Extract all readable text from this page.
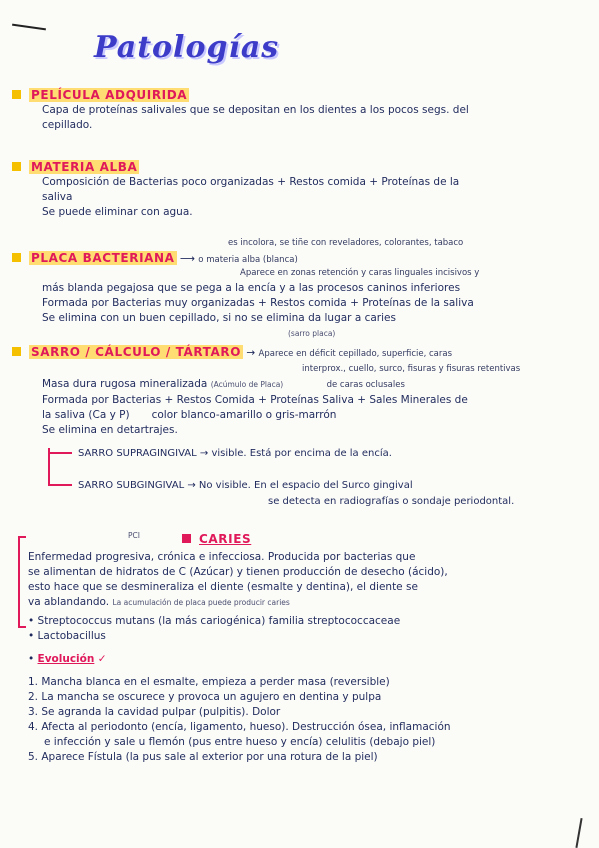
Patologías
PELÍCULA ADQUIRIDA
Capa de proteínas salivales que se depositan en los dientes a los pocos segs. del
cepillado.
MATERIA ALBA
Composición de Bacterias poco organizadas + Restos comida + Proteínas de la
saliva
Se puede eliminar con agua.
es incolora, se tiñe con reveladores, colorantes, tabaco
PLACA BACTERIANA ⟶ o materia alba (blanca)
Aparece en zonas retención y caras linguales incisivos y
más blanda pegajosa que se pega a la encía y a las procesos caninos inferiores
Formada por Bacterias muy organizadas + Restos comida + Proteínas de la saliva
Se elimina con un buen cepillado, si no se elimina da lugar a caries
(sarro placa)
SARRO / CÁLCULO / TÁRTARO → Aparece en déficit cepillado, superficie, caras
interprox., cuello, surco, fisuras y fisuras retentivas
Masa dura rugosa mineralizada (Acúmulo de Placa)	de caras oclusales
Formada por Bacterias + Restos Comida + Proteínas Saliva + Sales Minerales de
la saliva (Ca y P) color blanco-amarillo o gris-marrón
Se elimina en detartrajes.
SARRO SUPRAGINGIVAL → visible. Está por encima de la encía.
SARRO SUBGINGIVAL → No visible. En el espacio del Surco gingival
se detecta en radiografías o sondaje periodontal.
PCI	CARIES
Enfermedad progresiva, crónica e infecciosa. Producida por bacterias que
se alimentan de hidratos de C (Azúcar) y tienen producción de desecho (ácido),
esto hace que se desmineraliza el diente (esmalte y dentina), el diente se
va ablandando. La acumulación de placa puede producir caries
• Streptococcus mutans (la más cariogénica) familia streptococcaceae
• Lactobacillus
• Evolución ✓
1. Mancha blanca en el esmalte, empieza a perder masa (reversible)
2. La mancha se oscurece y provoca un agujero en dentina y pulpa
3. Se agranda la cavidad pulpar (pulpitis). Dolor
4. Afecta al periodonto (encía, ligamento, hueso). Destrucción ósea, inflamación
e infección y sale u flemón (pus entre hueso y encía) celulitis (debajo piel)
5. Aparece Fístula (la pus sale al exterior por una rotura de la piel)
